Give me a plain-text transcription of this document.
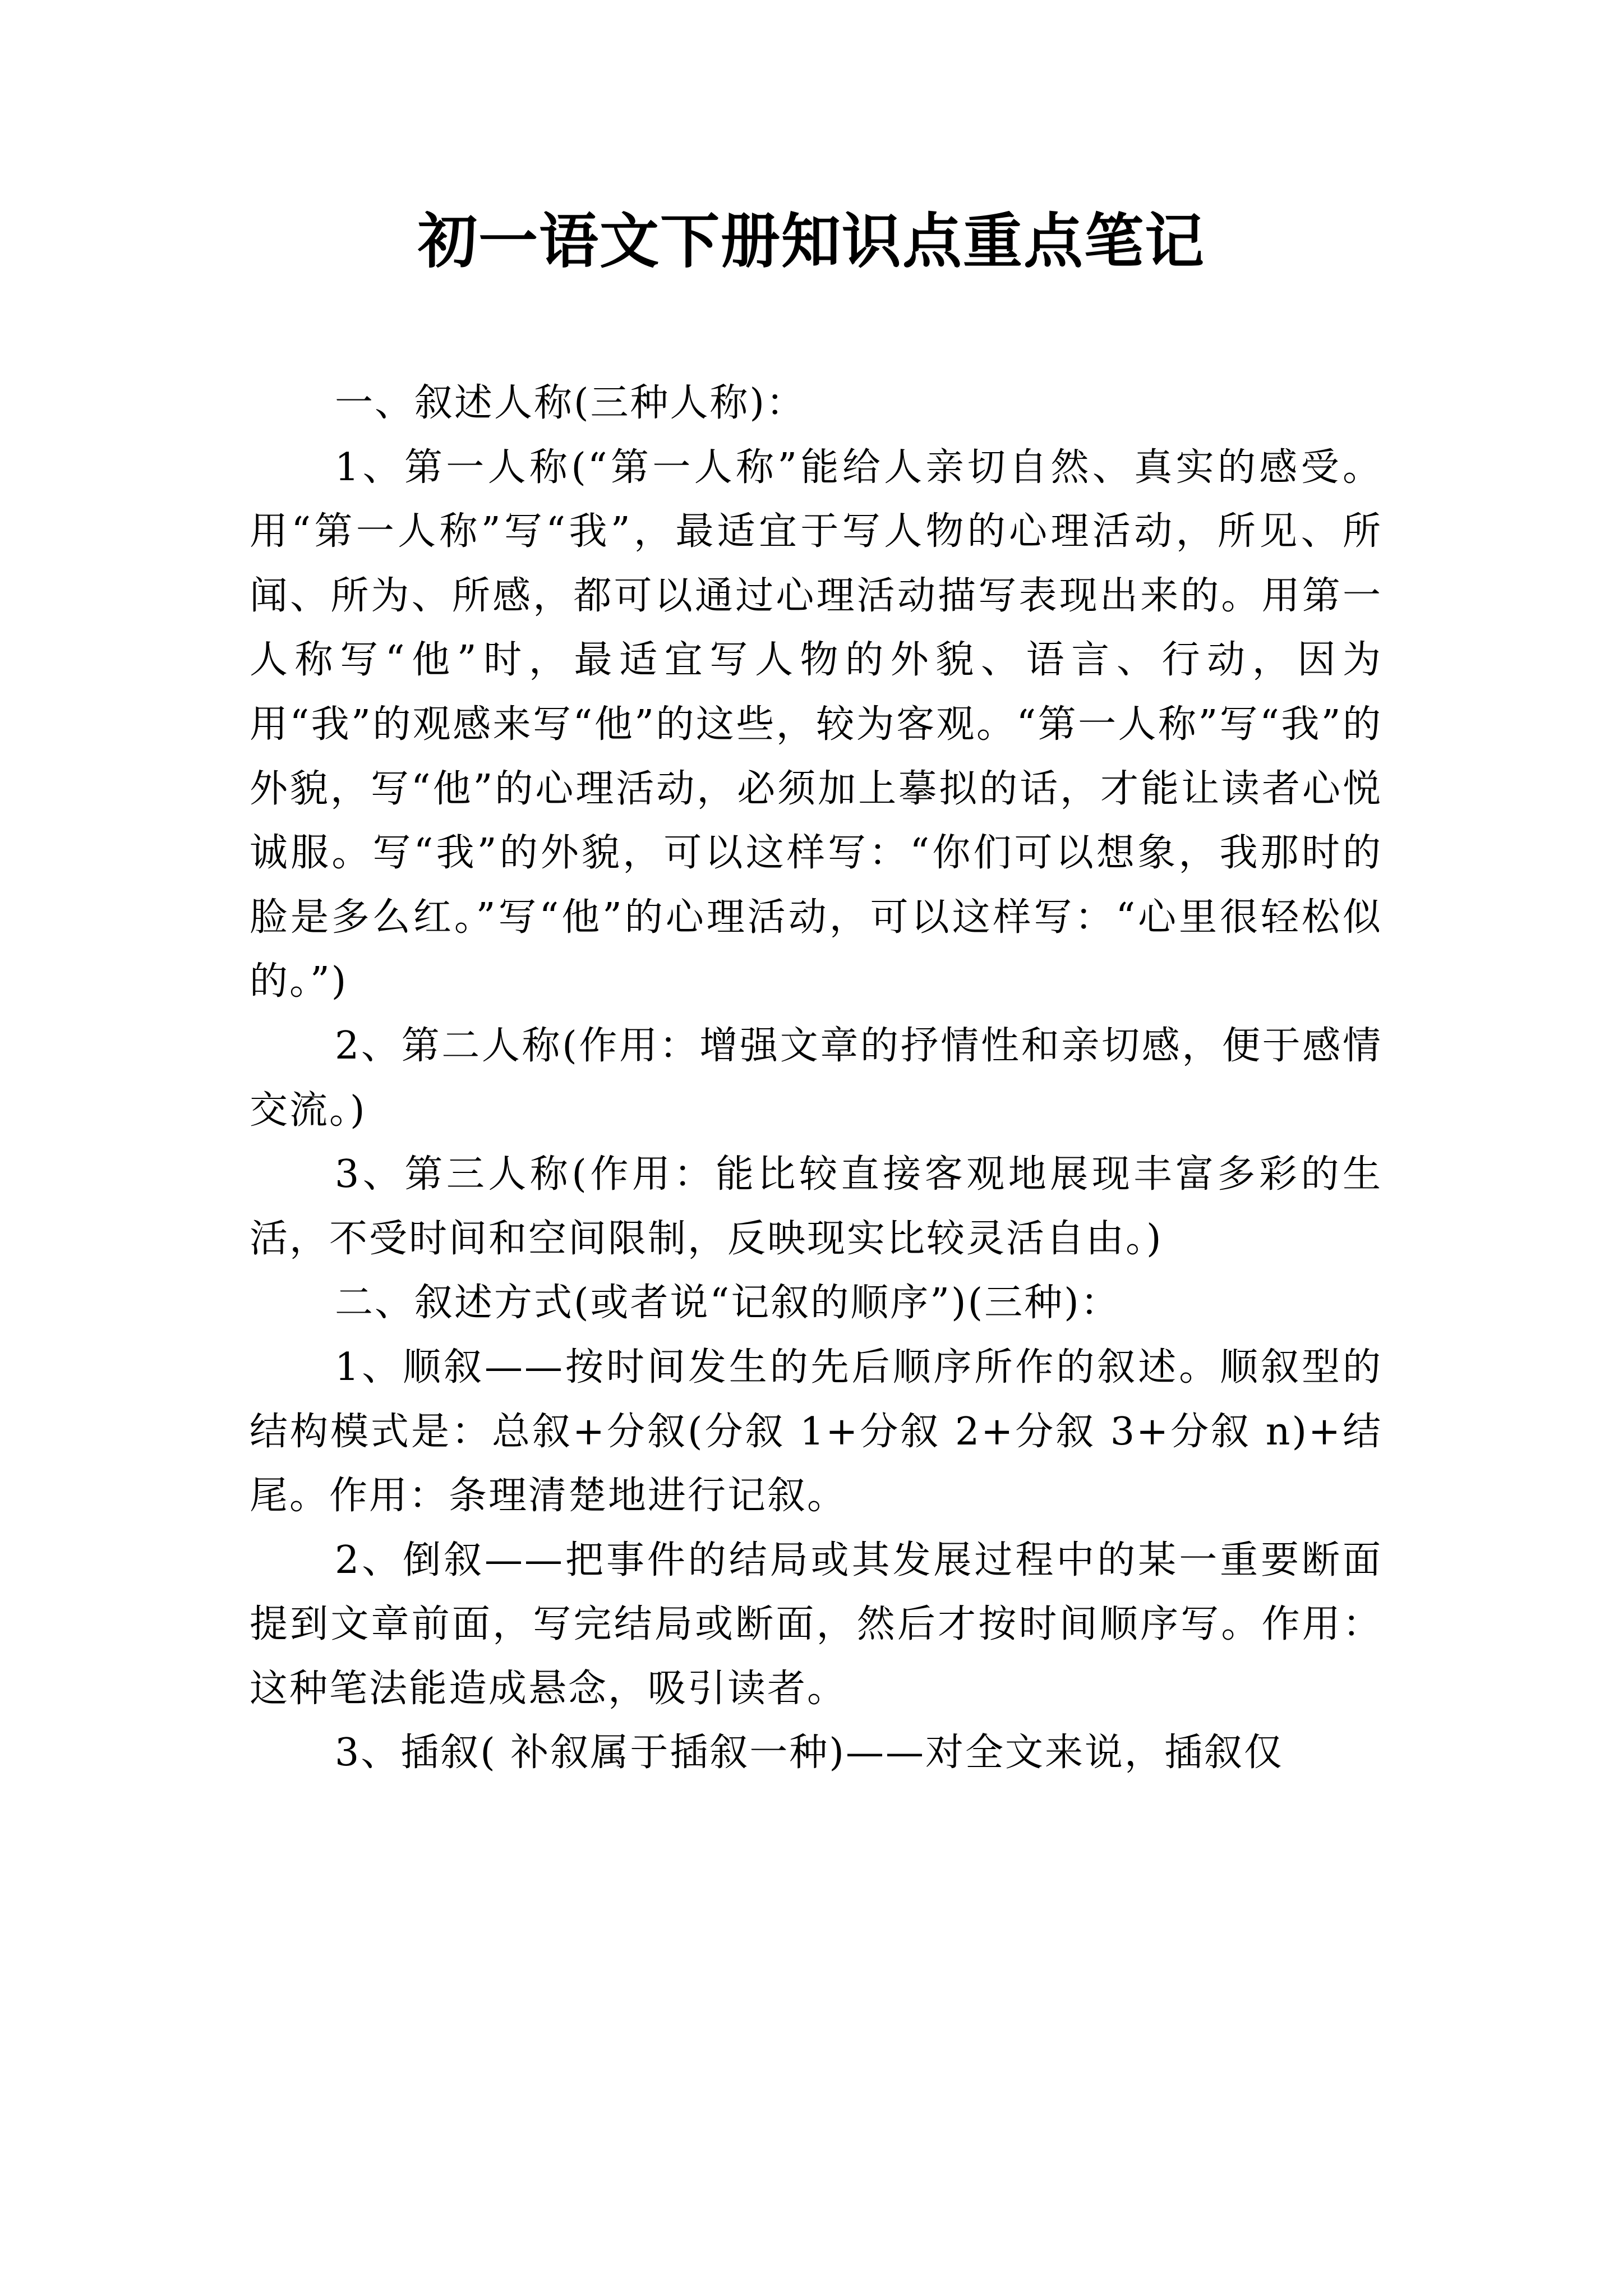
初一语文下册知识点重点笔记

一、叙述人称(三种人称)：

1、第一人称(“第一人称”能给人亲切自然、真实的感受。用“第一人称”写“我”，最适宜于写人物的心理活动，所见、所闻、所为、所感，都可以通过心理活动描写表现出来的。用第一人称写“他”时，最适宜写人物的外貌、语言、行动，因为用“我”的观感来写“他”的这些，较为客观。“第一人称”写“我”的外貌，写“他”的心理活动，必须加上摹拟的话，才能让读者心悦诚服。写“我”的外貌，可以这样写：“你们可以想象，我那时的脸是多么红。”写“他”的心理活动，可以这样写：“心里很轻松似的。”)

2、第二人称(作用：增强文章的抒情性和亲切感，便于感情交流。)

3、第三人称(作用：能比较直接客观地展现丰富多彩的生活，不受时间和空间限制，反映现实比较灵活自由。)

二、叙述方式(或者说“记叙的顺序”)(三种)：

1、顺叙——按时间发生的先后顺序所作的叙述。顺叙型的结构模式是：总叙+分叙(分叙 1+分叙 2+分叙 3+分叙 n)+结尾。作用：条理清楚地进行记叙。

2、倒叙——把事件的结局或其发展过程中的某一重要断面提到文章前面，写完结局或断面，然后才按时间顺序写。作用：这种笔法能造成悬念，吸引读者。

3、插叙( 补叙属于插叙一种)——对全文来说，插叙仅
